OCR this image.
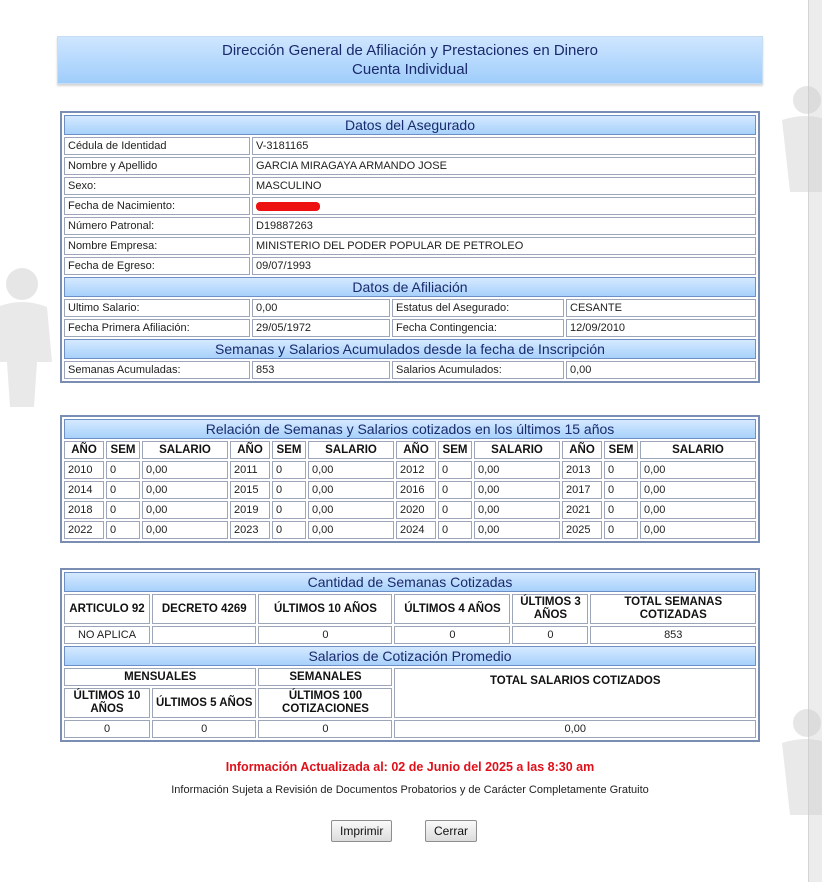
Dirección General de Afiliación y Prestaciones en Dinero
Cuenta Individual
Datos del Asegurado			
Cédula de Identidad	V-3181165		
Nombre y Apellido	GARCIA MIRAGAYA ARMANDO JOSE		
Sexo:	MASCULINO		
Fecha de Nacimiento:			
Número Patronal:	D19887263		
Nombre Empresa:	MINISTERIO DEL PODER POPULAR DE PETROLEO		
Fecha de Egreso:	09/07/1993		
Datos de Afiliación			
Ultimo Salario:	0,00	Estatus del Asegurado:	CESANTE
Fecha Primera Afiliación:	29/05/1972	Fecha Contingencia:	12/09/2010
Semanas y Salarios Acumulados desde la fecha de Inscripción			
Semanas Acumuladas:	853	Salarios Acumulados:	0,00
Relación de Semanas y Salarios cotizados en los últimos 15 años											
AÑO	SEM	SALARIO	AÑO	SEM	SALARIO	AÑO	SEM	SALARIO	AÑO	SEM	SALARIO
2010	0	0,00	2011	0	0,00	2012	0	0,00	2013	0	0,00
2014	0	0,00	2015	0	0,00	2016	0	0,00	2017	0	0,00
2018	0	0,00	2019	0	0,00	2020	0	0,00	2021	0	0,00
2022	0	0,00	2023	0	0,00	2024	0	0,00	2025	0	0,00
Cantidad de Semanas Cotizadas					
ARTICULO 92	DECRETO 4269	ÚLTIMOS 10 AÑOS	ÚLTIMOS 4 AÑOS	ÚLTIMOS 3 AÑOS	TOTAL SEMANAS COTIZADAS
NO APLICA		0	0	0	853
Salarios de Cotización Promedio					
MENSUALES		SEMANALES	TOTAL SALARIOS COTIZADOS		
ÚLTIMOS 10 AÑOS	ÚLTIMOS 5 AÑOS	ÚLTIMOS 100 COTIZACIONES			
0	0	0	0,00		
Información Actualizada al: 02 de Junio del 2025 a las 8:30 am
Información Sujeta a Revisión de Documentos Probatorios y de Carácter Completamente Gratuito
Imprimir	Cerrar
